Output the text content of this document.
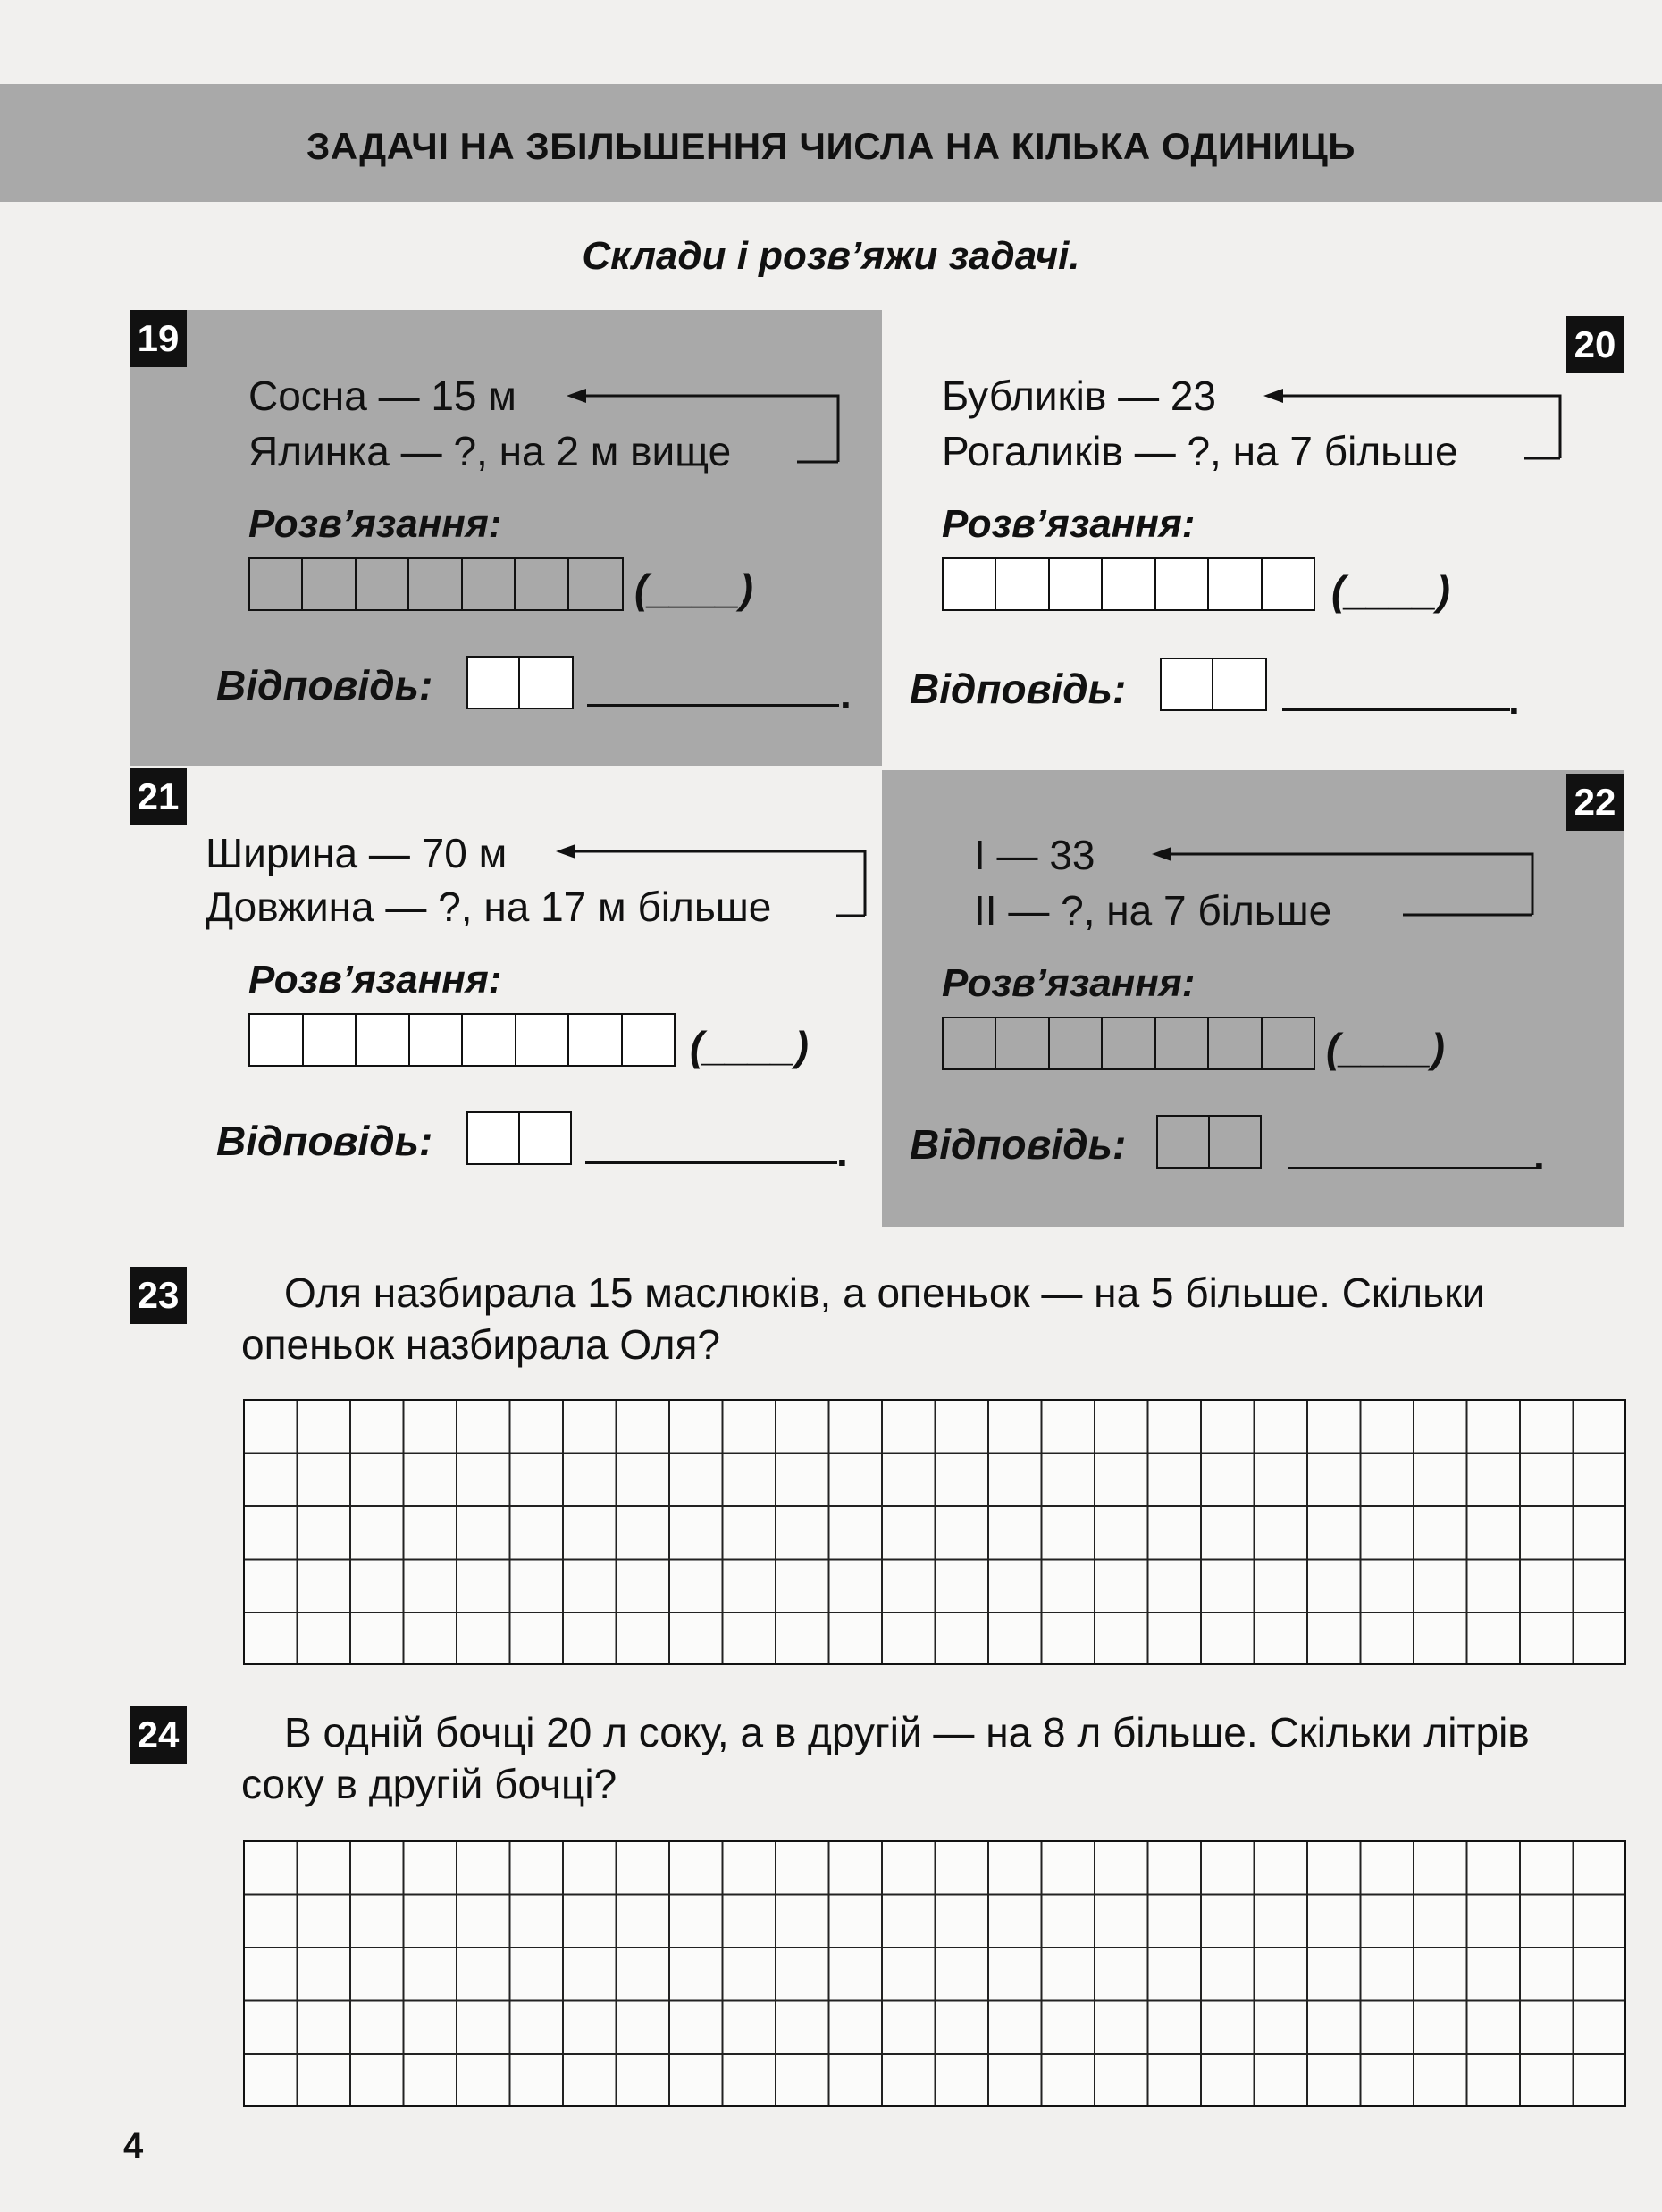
ЗАДАЧІ НА ЗБІЛЬШЕННЯ ЧИСЛА НА КІЛЬКА ОДИНИЦЬ
Склади і розв’яжи задачі.
19
Сосна — 15 м
Ялинка — ?, на 2 м вище
Розв’язання:
(____)
Відповідь:	.
20
Бубликів — 23
Рогаликів — ?, на 7 більше
Розв’язання:
(____)
Відповідь:	.
21
Ширина — 70 м
Довжина — ?, на 17 м більше
Розв’язання:
(____)
Відповідь:	.
22
І — 33
ІІ — ?, на 7 більше
Розв’язання:
(____)
Відповідь:	.
23	Оля назбирала 15 маслюків, а опеньок — на 5 більше. Скільки
опеньок назбирала Оля?
24	В одній бочці 20 л соку, а в другій — на 8 л більше. Скільки літрів
соку в другій бочці?
4
